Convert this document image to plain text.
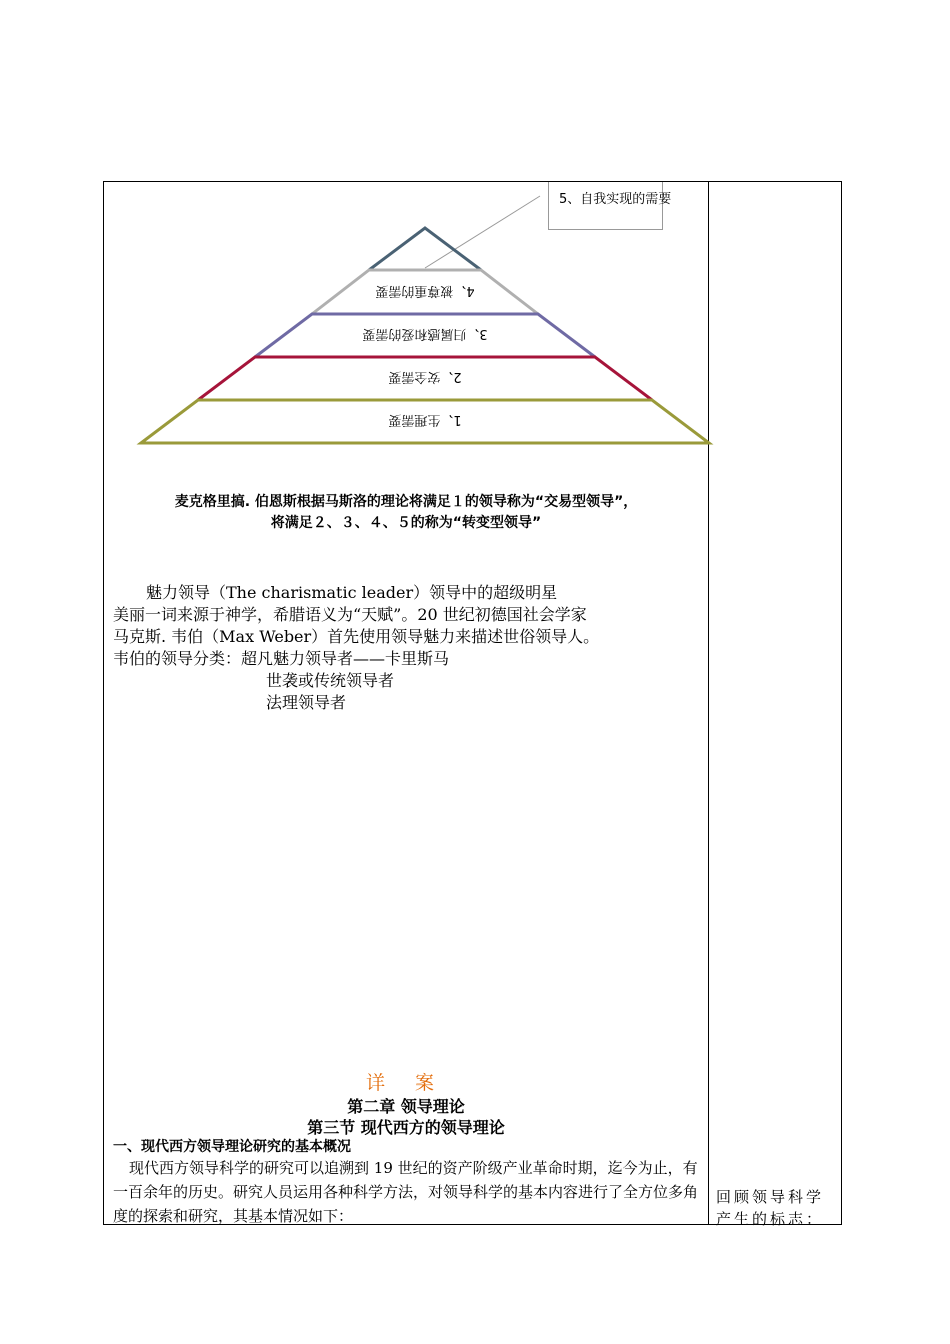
5、自我实现的需要
4、被尊重的需要
3、归属感和爱的需要
2、安全需要
1、生理需要
麦克格里搞. 伯恩斯根据马斯洛的理论将满足１的领导称为“交易型领导”，
将满足２、３、４、５的称为“转变型领导”
魅力领导（The charismatic leader）领导中的超级明星
美丽一词来源于神学，希腊语义为“天赋”。20 世纪初德国社会学家
马克斯. 韦伯（Max Weber）首先使用领导魅力来描述世俗领导人。
韦伯的领导分类：超凡魅力领导者——卡里斯马
世袭或传统领导者
法理领导者
详 案
第二章 领导理论
第三节 现代西方的领导理论
一、现代西方领导理论研究的基本概况
现代西方领导科学的研究可以追溯到 19 世纪的资产阶级产业革命时期，迄今为止，有一百余年的历史。研究人员运用各种科学方法，对领导科学的基本内容进行了全方位多角度的探索和研究，其基本情况如下：
回顾领导科学产生的标志：
